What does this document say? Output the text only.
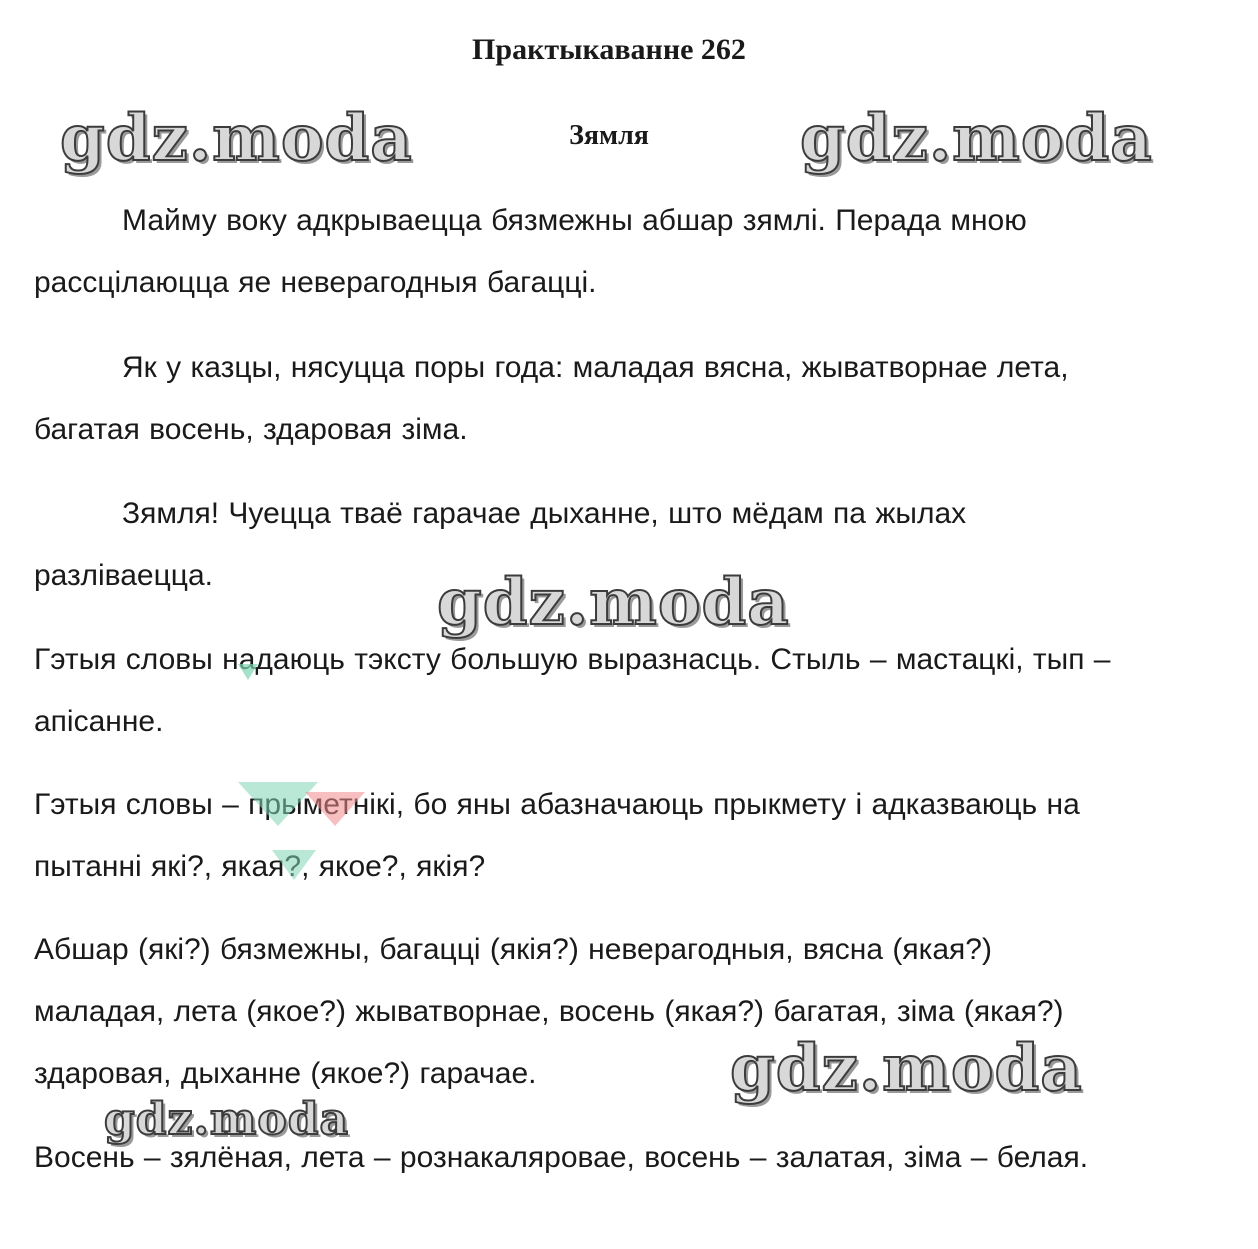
Практыкаванне 262
Зямля

Майму воку адкрываецца бязмежны абшар зямлі. Перада мною
рассцілаюцца яе неверагодныя багацці.

Як у казцы, нясуцца поры года: маладая вясна, жыватворнае лета,
багатая восень, здаровая зіма.

Зямля! Чуецца тваё гарачае дыханне, што мёдам па жылах
разліваецца.

Гэтыя словы надаюць тэксту большую выразнасць. Стыль – мастацкі, тып –
апісанне.

Гэтыя словы – прыметнікі, бо яны абазначаюць прыкмету і адказваюць на
пытанні які?, якая?, якое?, якія?

Абшар (які?) бязмежны, багацці (якія?) неверагодныя, вясна (якая?)
маладая, лета (якое?) жыватворнае, восень (якая?) багатая, зіма (якая?)
здаровая, дыханне (якое?) гарачае.

Восень – зялёная, лета – рознакаляровае, восень – залатая, зіма – белая.

gdz.moda	gdz.moda
gdz.moda
gdz.moda
gdz.moda
